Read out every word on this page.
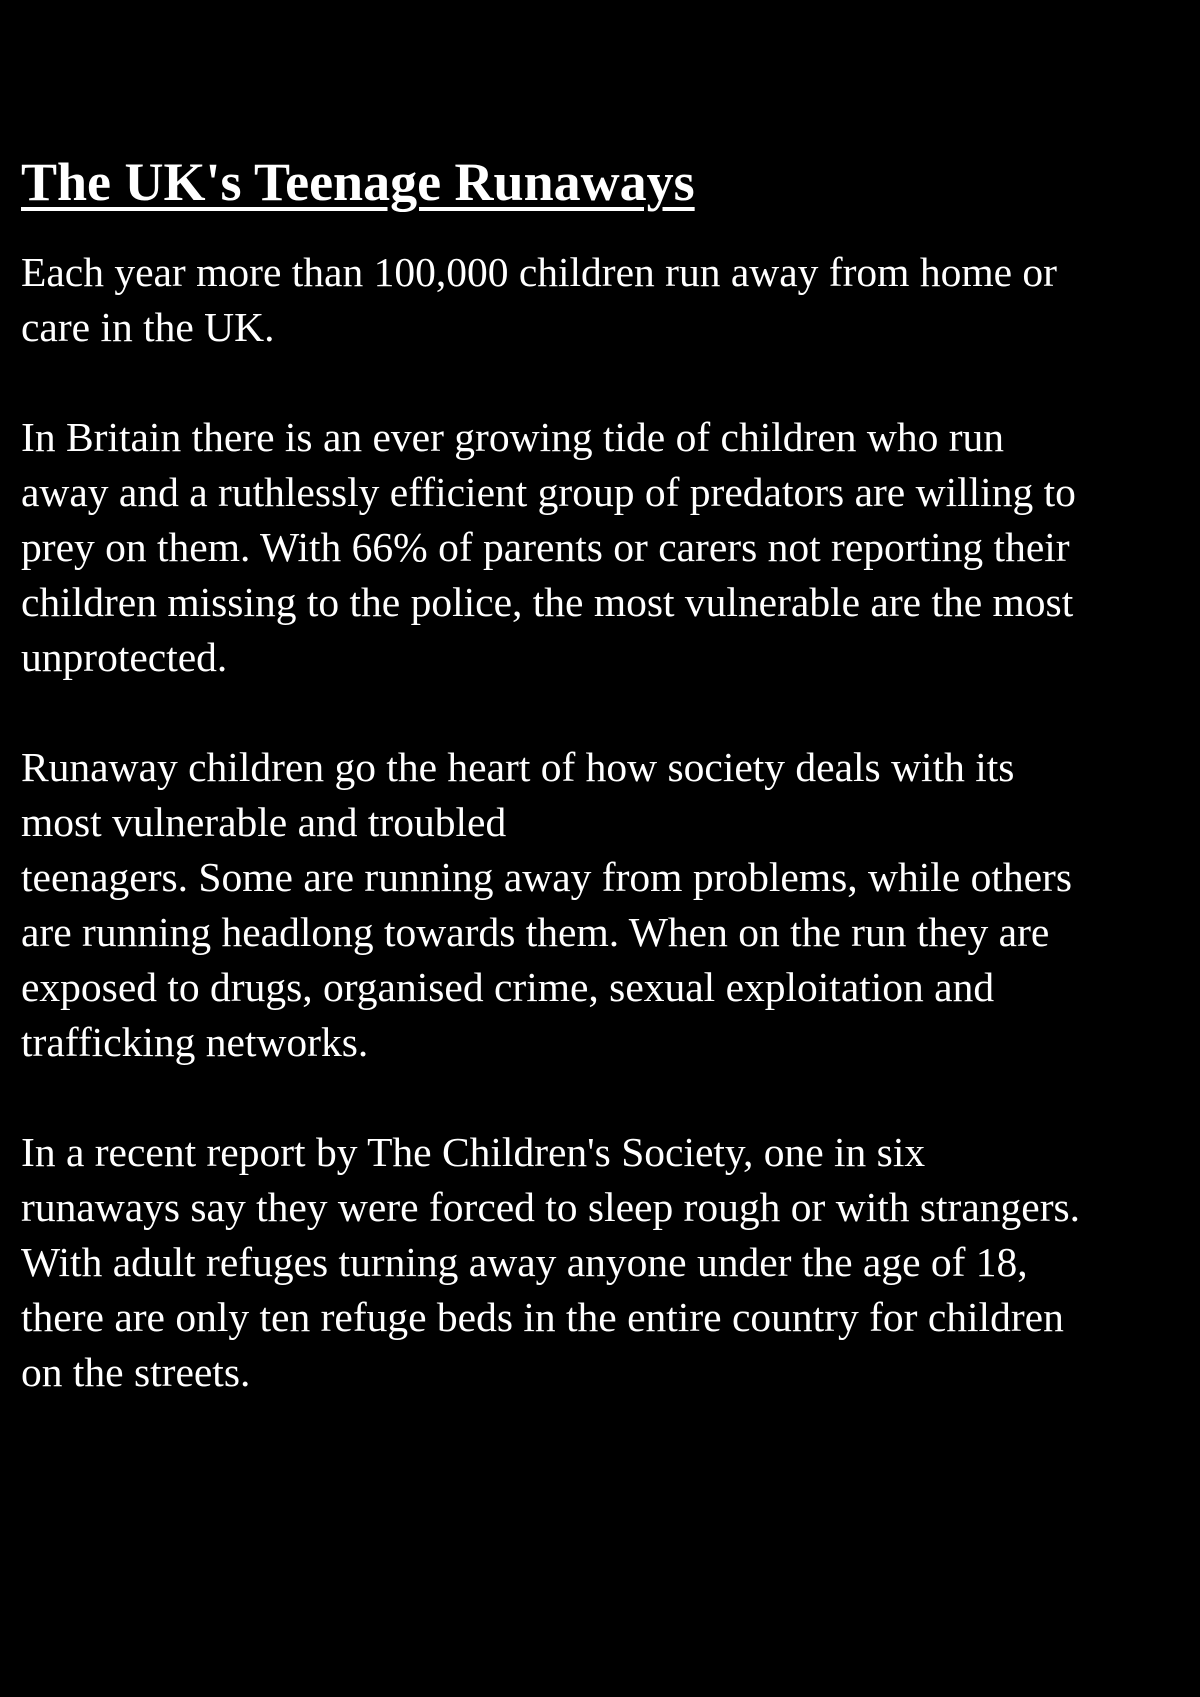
The UK's Teenage Runaways

Each year more than 100,000 children run away from home or
care in the UK.

In Britain there is an ever growing tide of children who run
away and a ruthlessly efficient group of predators are willing to
prey on them. With 66% of parents or carers not reporting their
children missing to the police, the most vulnerable are the most
unprotected.

Runaway children go the heart of how society deals with its
most vulnerable and troubled
teenagers. Some are running away from problems, while others
are running headlong towards them. When on the run they are
exposed to drugs, organised crime, sexual exploitation and
trafficking networks.

In a recent report by The Children's Society, one in six
runaways say they were forced to sleep rough or with strangers.
With adult refuges turning away anyone under the age of 18,
there are only ten refuge beds in the entire country for children
on the streets.
